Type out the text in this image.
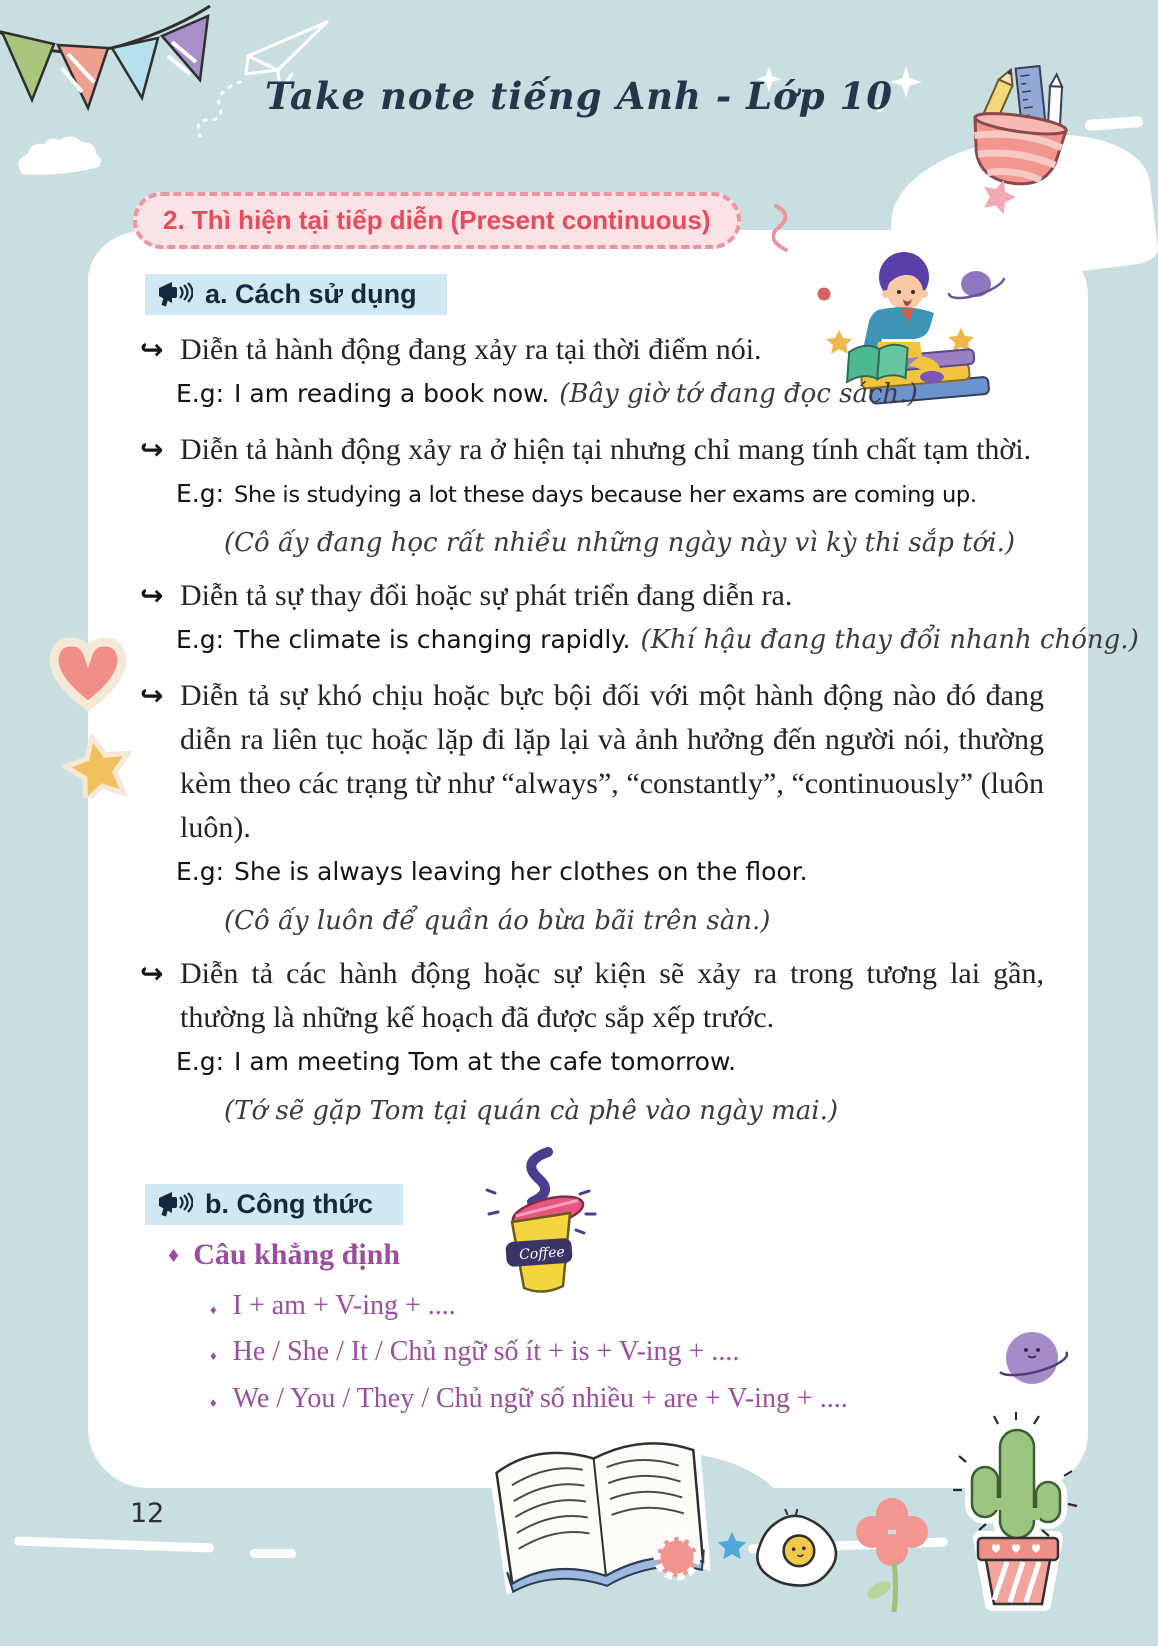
Take note tiếng Anh - Lớp 10
2. Thì hiện tại tiếp diễn (Present continuous)
a. Cách sử dụng
↪ Diễn tả hành động đang xảy ra tại thời điểm nói.
E.g: I am reading a book now. (Bây giờ tớ đang đọc sách.)
↪ Diễn tả hành động xảy ra ở hiện tại nhưng chỉ mang tính chất tạm thời.
E.g: She is studying a lot these days because her exams are coming up.
(Cô ấy đang học rất nhiều những ngày này vì kỳ thi sắp tới.)
↪ Diễn tả sự thay đổi hoặc sự phát triển đang diễn ra.
E.g: The climate is changing rapidly. (Khí hậu đang thay đổi nhanh chóng.)
↪ Diễn tả sự khó chịu hoặc bực bội đối với một hành động nào đó đang diễn ra liên tục hoặc lặp đi lặp lại và ảnh hưởng đến người nói, thường kèm theo các trạng từ như “always”, “constantly”, “continuously” (luôn luôn).
E.g: She is always leaving her clothes on the floor.
(Cô ấy luôn để quần áo bừa bãi trên sàn.)
↪ Diễn tả các hành động hoặc sự kiện sẽ xảy ra trong tương lai gần, thường là những kế hoạch đã được sắp xếp trước.
E.g: I am meeting Tom at the cafe tomorrow.
(Tớ sẽ gặp Tom tại quán cà phê vào ngày mai.)
b. Công thức
Coffee
♦ Câu khẳng định
♦ I + am + V-ing + ....
♦ He / She / It / Chủ ngữ số ít + is + V-ing + ....
♦ We / You / They / Chủ ngữ số nhiều + are + V-ing + ....
12
